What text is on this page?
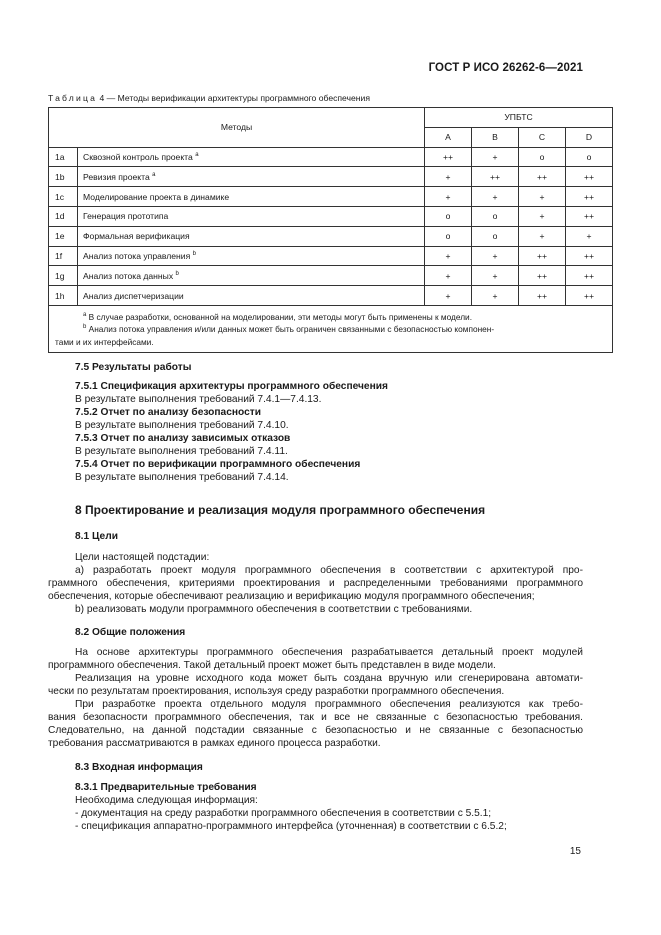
ГОСТ Р ИСО 26262-6—2021
Таблица 4 — Методы верификации архитектуры программного обеспечения
Методы		УПБТС			
		A	B	C	D
1a	Сквозной контроль проекта $^a$	++	+	o	o
1b	Ревизия проекта $^a$	+	++	++	++
1c	Моделирование проекта в динамике	+	+	+	++
1d	Генерация прототипа	o	o	+	++
1e	Формальная верификация	o	o	+	+
1f	Анализ потока управления $^b$	+	+	++	++
1g	Анализ потока данных $^b$	+	+	++	++
1h	Анализ диспетчеризации	+	+	++	++

$^a$ В случае разработки, основанной на моделировании, эти методы могут быть применены к модели.
$^b$ Анализ потока управления и/или данных может быть ограничен связанными с безопасностью компонен-
тами и их интерфейсами.					
7.5 Результаты работы
7.5.1 Спецификация архитектуры программного обеспечения
В результате выполнения требований 7.4.1—7.4.13.
7.5.2 Отчет по анализу безопасности
В результате выполнения требований 7.4.10.
7.5.3 Отчет по анализу зависимых отказов
В результате выполнения требований 7.4.11.
7.5.4 Отчет по верификации программного обеспечения
В результате выполнения требований 7.4.14.
8 Проектирование и реализация модуля программного обеспечения
8.1 Цели
Цели настоящей подстадии:
а) разработать проект модуля программного обеспечения в соответствии с архитектурой про-
граммного обеспечения, критериями проектирования и распределенными требованиями программного
обеспечения, которые обеспечивают реализацию и верификацию модуля программного обеспечения;
b) реализовать модули программного обеспечения в соответствии с требованиями.
8.2 Общие положения
На основе архитектуры программного обеспечения разрабатывается детальный проект модулей
программного обеспечения. Такой детальный проект может быть представлен в виде модели.
Реализация на уровне исходного кода может быть создана вручную или сгенерирована автомати-
чески по результатам проектирования, используя среду разработки программного обеспечения.
При разработке проекта отдельного модуля программного обеспечения реализуются как требо-
вания безопасности программного обеспечения, так и все не связанные с безопасностью требования.
Следовательно, на данной подстадии связанные с безопасностью и не связанные с безопасностью
требования рассматриваются в рамках единого процесса разработки.
8.3 Входная информация
8.3.1 Предварительные требования
Необходима следующая информация:
- документация на среду разработки программного обеспечения в соответствии с 5.5.1;
- спецификация аппаратно-программного интерфейса (уточненная) в соответствии с 6.5.2;
15
